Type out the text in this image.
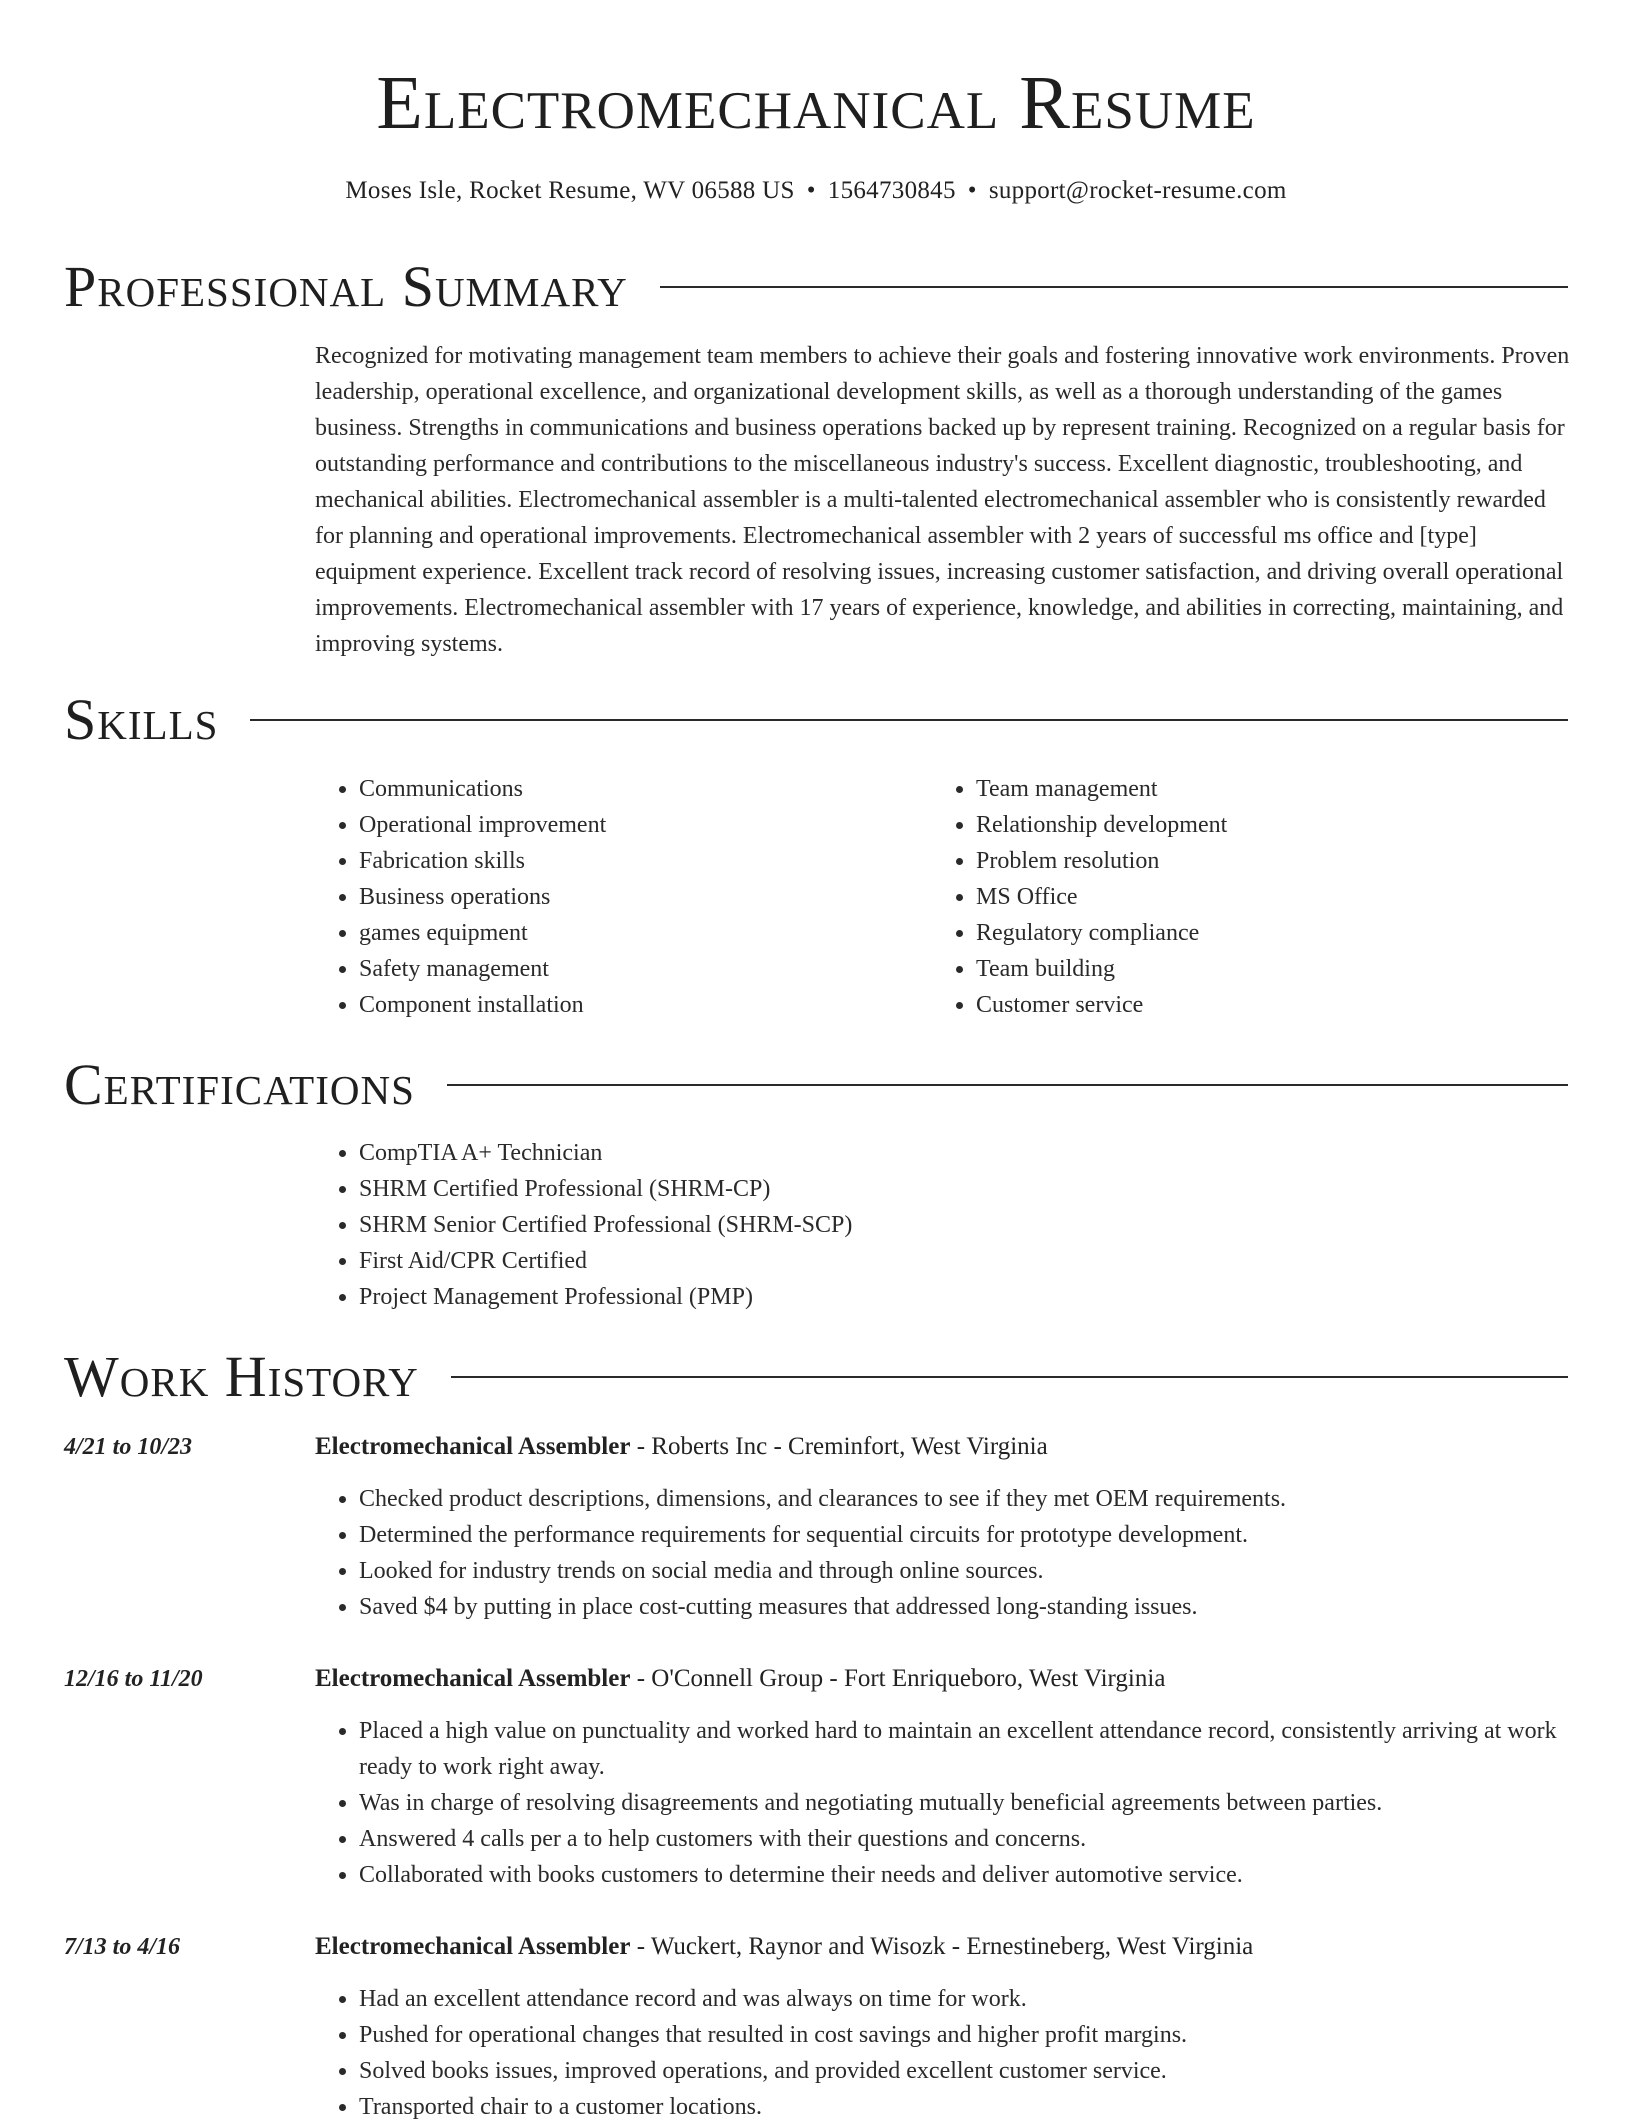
Electromechanical Resume
Moses Isle, Rocket Resume, WV 06588 US • 1564730845 • support@rocket-resume.com
Professional Summary

Recognized for motivating management team members to achieve their goals and fostering innovative work environments. Proven leadership, operational excellence, and organizational development skills, as well as a thorough understanding of the games business. Strengths in communications and business operations backed up by represent training. Recognized on a regular basis for outstanding performance and contributions to the miscellaneous industry's success. Excellent diagnostic, troubleshooting, and mechanical abilities. Electromechanical assembler is a multi-talented electromechanical assembler who is consistently rewarded for planning and operational improvements. Electromechanical assembler with 2 years of successful ms office and [type] equipment experience. Excellent track record of resolving issues, increasing customer satisfaction, and driving overall operational improvements. Electromechanical assembler with 17 years of experience, knowledge, and abilities in correcting, maintaining, and improving systems.

Skills
• Communications
• Operational improvement
• Fabrication skills
• Business operations
• games equipment
• Safety management
• Component installation
• Team management
• Relationship development
• Problem resolution
• MS Office
• Regulatory compliance
• Team building
• Customer service
Certifications
• CompTIA A+ Technician
• SHRM Certified Professional (SHRM-CP)
• SHRM Senior Certified Professional (SHRM-SCP)
• First Aid/CPR Certified
• Project Management Professional (PMP)
Work History
4/21 to 10/23	Electromechanical Assembler - Roberts Inc - Creminfort, West Virginia
• Checked product descriptions, dimensions, and clearances to see if they met OEM requirements.
• Determined the performance requirements for sequential circuits for prototype development.
• Looked for industry trends on social media and through online sources.
• Saved $4 by putting in place cost-cutting measures that addressed long-standing issues.
12/16 to 11/20	Electromechanical Assembler - O'Connell Group - Fort Enriqueboro, West Virginia
• Placed a high value on punctuality and worked hard to maintain an excellent attendance record, consistently arriving at work ready to work right away.
• Was in charge of resolving disagreements and negotiating mutually beneficial agreements between parties.
• Answered 4 calls per a to help customers with their questions and concerns.
• Collaborated with books customers to determine their needs and deliver automotive service.
7/13 to 4/16	Electromechanical Assembler - Wuckert, Raynor and Wisozk - Ernestineberg, West Virginia
• Had an excellent attendance record and was always on time for work.
• Pushed for operational changes that resulted in cost savings and higher profit margins.
• Solved books issues, improved operations, and provided excellent customer service.
• Transported chair to a customer locations.
